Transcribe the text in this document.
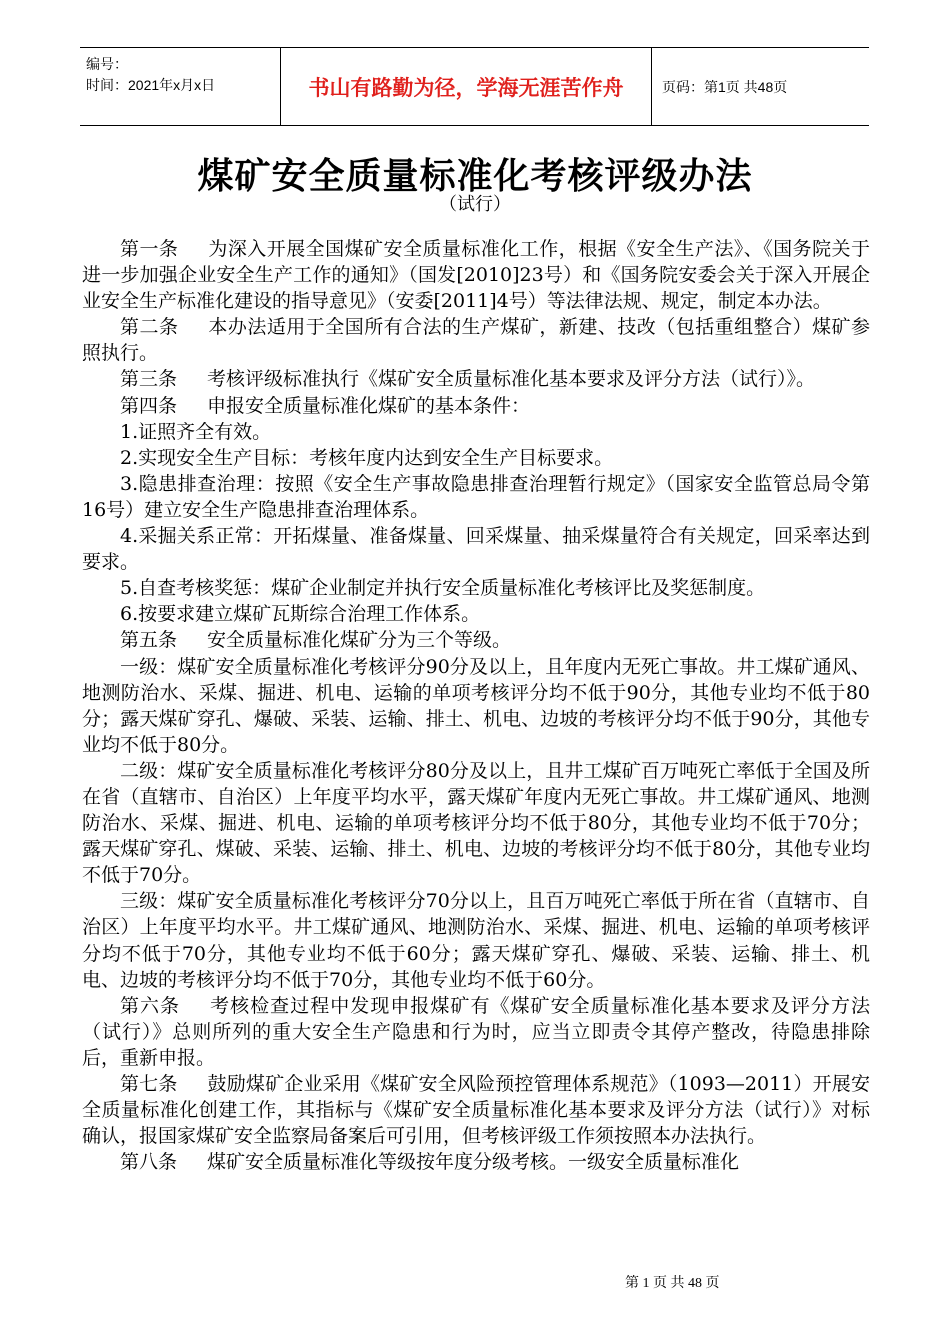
编号：
时间：2021年x月x日	书山有路勤为径，学海无涯苦作舟	页码：第1页 共48页
煤矿安全质量标准化考核评级办法
（试行）

第一条 为深入开展全国煤矿安全质量标准化工作，根据《安全生产法》、《国务院关于进一步加强企业安全生产工作的通知》（国发[2010]23号）和《国务院安委会关于深入开展企业安全生产标准化建设的指导意见》（安委[2011]4号）等法律法规、规定，制定本办法。

第二条 本办法适用于全国所有合法的生产煤矿，新建、技改（包括重组整合）煤矿参照执行。

第三条 考核评级标准执行《煤矿安全质量标准化基本要求及评分方法（试行）》。

第四条 申报安全质量标准化煤矿的基本条件：

1.证照齐全有效。

2.实现安全生产目标：考核年度内达到安全生产目标要求。

3.隐患排查治理：按照《安全生产事故隐患排查治理暂行规定》（国家安全监管总局令第16号）建立安全生产隐患排查治理体系。

4.采掘关系正常：开拓煤量、准备煤量、回采煤量、抽采煤量符合有关规定，回采率达到要求。

5.自查考核奖惩：煤矿企业制定并执行安全质量标准化考核评比及奖惩制度。

6.按要求建立煤矿瓦斯综合治理工作体系。

第五条 安全质量标准化煤矿分为三个等级。

一级：煤矿安全质量标准化考核评分90分及以上，且年度内无死亡事故。井工煤矿通风、地测防治水、采煤、掘进、机电、运输的单项考核评分均不低于90分，其他专业均不低于80分；露天煤矿穿孔、爆破、采装、运输、排土、机电、边坡的考核评分均不低于90分，其他专业均不低于80分。

二级：煤矿安全质量标准化考核评分80分及以上，且井工煤矿百万吨死亡率低于全国及所在省（直辖市、自治区）上年度平均水平，露天煤矿年度内无死亡事故。井工煤矿通风、地测防治水、采煤、掘进、机电、运输的单项考核评分均不低于80分，其他专业均不低于70分；露天煤矿穿孔、煤破、采装、运输、排土、机电、边坡的考核评分均不低于80分，其他专业均不低于70分。

三级：煤矿安全质量标准化考核评分70分以上，且百万吨死亡率低于所在省（直辖市、自治区）上年度平均水平。井工煤矿通风、地测防治水、采煤、掘进、机电、运输的单项考核评分均不低于70分，其他专业均不低于60分；露天煤矿穿孔、爆破、采装、运输、排土、机电、边坡的考核评分均不低于70分，其他专业均不低于60分。

第六条 考核检查过程中发现申报煤矿有《煤矿安全质量标准化基本要求及评分方法（试行）》总则所列的重大安全生产隐患和行为时，应当立即责令其停产整改，待隐患排除后，重新申报。

第七条 鼓励煤矿企业采用《煤矿安全风险预控管理体系规范》（1093—2011）开展安全质量标准化创建工作，其指标与《煤矿安全质量标准化基本要求及评分方法（试行）》对标确认，报国家煤矿安全监察局备案后可引用，但考核评级工作须按照本办法执行。

第八条 煤矿安全质量标准化等级按年度分级考核。一级安全质量标准化

第 1 页 共 48 页
